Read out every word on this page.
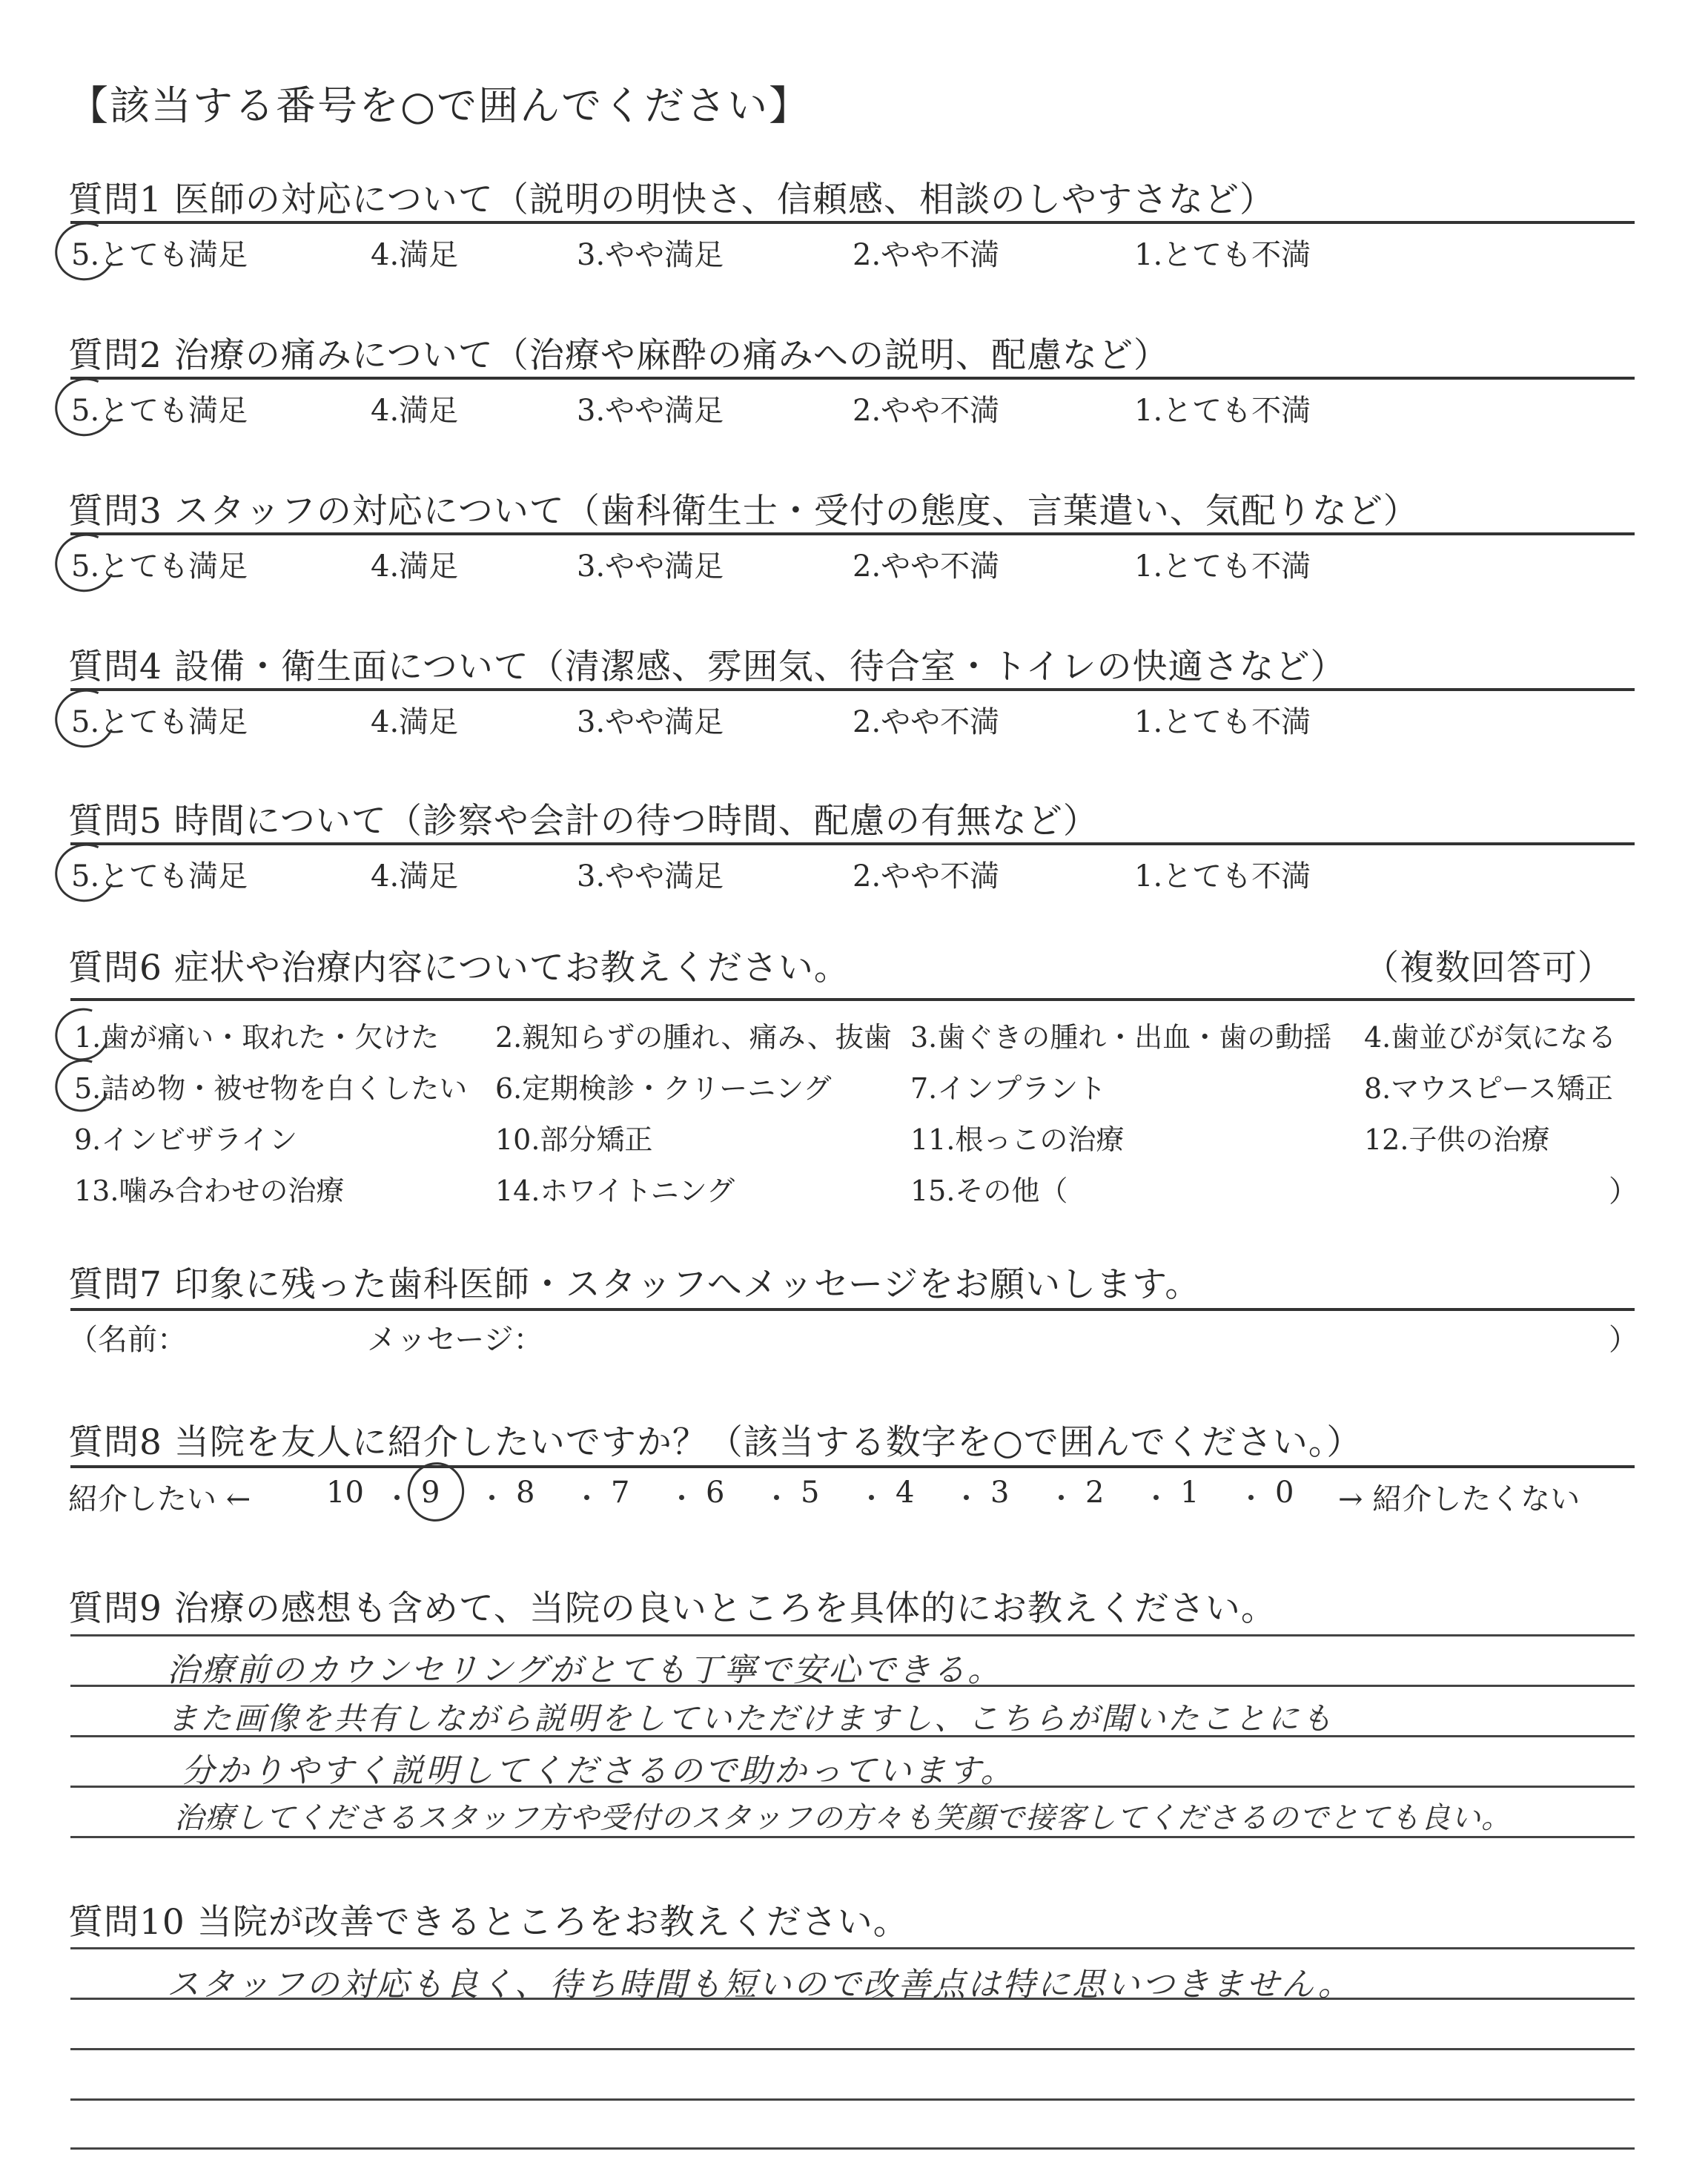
【該当する番号を○で囲んでください】
質問1 医師の対応について（説明の明快さ、信頼感、相談のしやすさなど）
5.とても満足	4.満足	3.やや満足	2.やや不満	1.とても不満
質問2 治療の痛みについて（治療や麻酔の痛みへの説明、配慮など）
5.とても満足	4.満足	3.やや満足	2.やや不満	1.とても不満
質問3 スタッフの対応について（歯科衛生士・受付の態度、言葉遣い、気配りなど）
5.とても満足	4.満足	3.やや満足	2.やや不満	1.とても不満
質問4 設備・衛生面について（清潔感、雰囲気、待合室・トイレの快適さなど）
5.とても満足	4.満足	3.やや満足	2.やや不満	1.とても不満
質問5 時間について（診察や会計の待つ時間、配慮の有無など）
5.とても満足	4.満足	3.やや満足	2.やや不満	1.とても不満
質問6 症状や治療内容についてお教えください。	（複数回答可）
1.歯が痛い・取れた・欠けた 2.親知らずの腫れ、痛み、抜歯 3.歯ぐきの腫れ・出血・歯の動揺 4.歯並びが気になる
5.詰め物・被せ物を白くしたい 6.定期検診・クリーニング	7.インプラント	8.マウスピース矯正
9.インビザライン	10.部分矯正	11.根っこの治療	12.子供の治療
13.噛み合わせの治療	14.ホワイトニング	15.その他（	）
質問7 印象に残った歯科医師・スタッフへメッセージをお願いします。
（名前：	メッセージ：	）
質問8 当院を友人に紹介したいですか？（該当する数字を○で囲んでください。）
紹介したい ←	→ 紹介したくない
10 9	8	7	6	5	4	3	2	1	0
質問9 治療の感想も含めて、当院の良いところを具体的にお教えください。
治療前のカウンセリングがとても丁寧で安心できる。
また画像を共有しながら説明をしていただけますし、こちらが聞いたことにも
分かりやすく説明してくださるので助かっています。
治療してくださるスタッフ方や受付のスタッフの方々も笑顔で接客してくださるのでとても良い。
質問10 当院が改善できるところをお教えください。
スタッフの対応も良く、待ち時間も短いので改善点は特に思いつきません。
